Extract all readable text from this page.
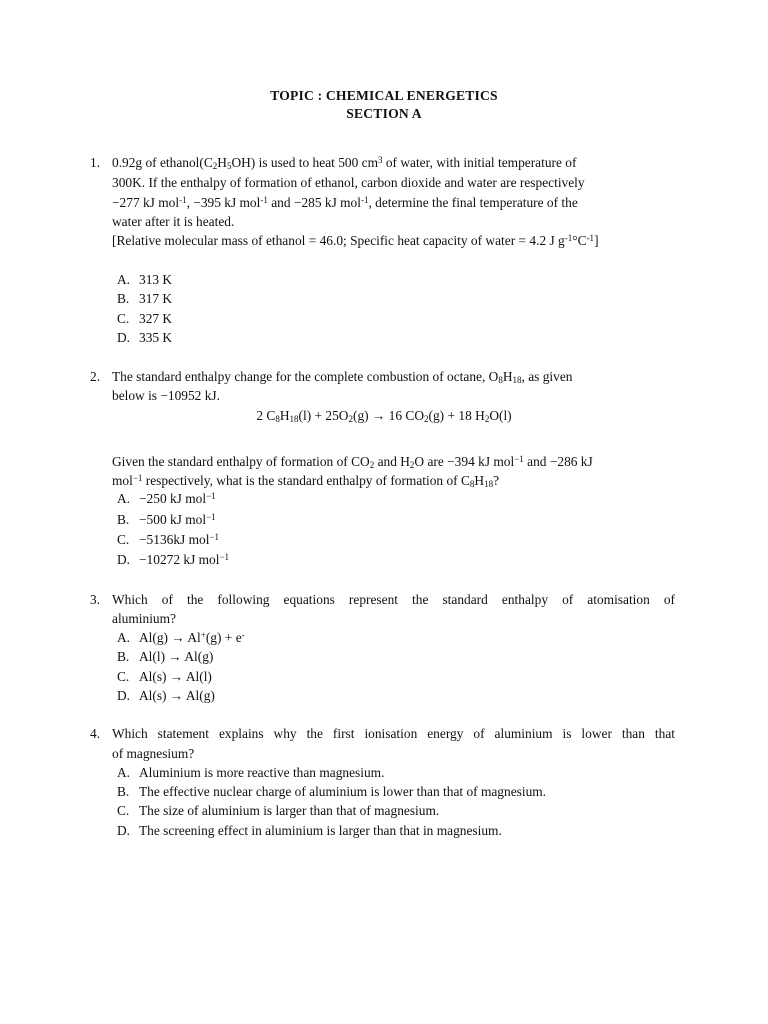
TOPIC : CHEMICAL ENERGETICS
SECTION A
1. 0.92g of $ethanol(C_2H_5OH)$ is used to heat 500 $cm^3$ of water, with initial temperature of
300K. If the enthalpy of formation of ethanol, carbon dioxide and water are respectively
−277 kJ mol$^{-1}$, −395 kJ mol$^{-1}$ and −285 kJ mol$^{-1}$, determine the final temperature of the
water after it is heated.
[Relative molecular mass of ethanol = 46.0; Specific heat capacity of water = 4.2 J $g^{-1}^\circ C^{-1}$]
A. 313 K
B. 317 K
C. 327 K
D. 335 K
2. The standard enthalpy change for the complete combustion of octane, $O_8H_{18}$, as given
below is −10952 kJ.
2 $C_8H_{18}(l) + 25O_2(g) \to 16$ $CO_2(g) + 18$ $H_2O(l)$
Given the standard enthalpy of formation of $CO_2$ and $H_2O$ are −394 kJ mol$^{-1}$ and −286 kJ
mol$^{-1}$ respectively, what is the standard enthalpy of formation of $C_8H_{18}$?
A. −250 kJ mol$^{-1}$
B. −500 kJ mol$^{-1}$
C. −5136kJ mol$^{-1}$
D. −10272 kJ mol$^{-1}$
3. Which of the following equations represent the standard enthalpy of atomisation of
aluminium?
A. Al(g) → Al+(g) + e-
B. Al(l) → Al(g)
C. Al(s) → Al(l)
D. Al(s) → Al(g)
4. Which statement explains why the first ionisation energy of aluminium is lower than that
of magnesium?
A. Aluminium is more reactive than magnesium.
B. The effective nuclear charge of aluminium is lower than that of magnesium.
C. The size of aluminium is larger than that of magnesium.
D. The screening effect in aluminium is larger than that in magnesium.
